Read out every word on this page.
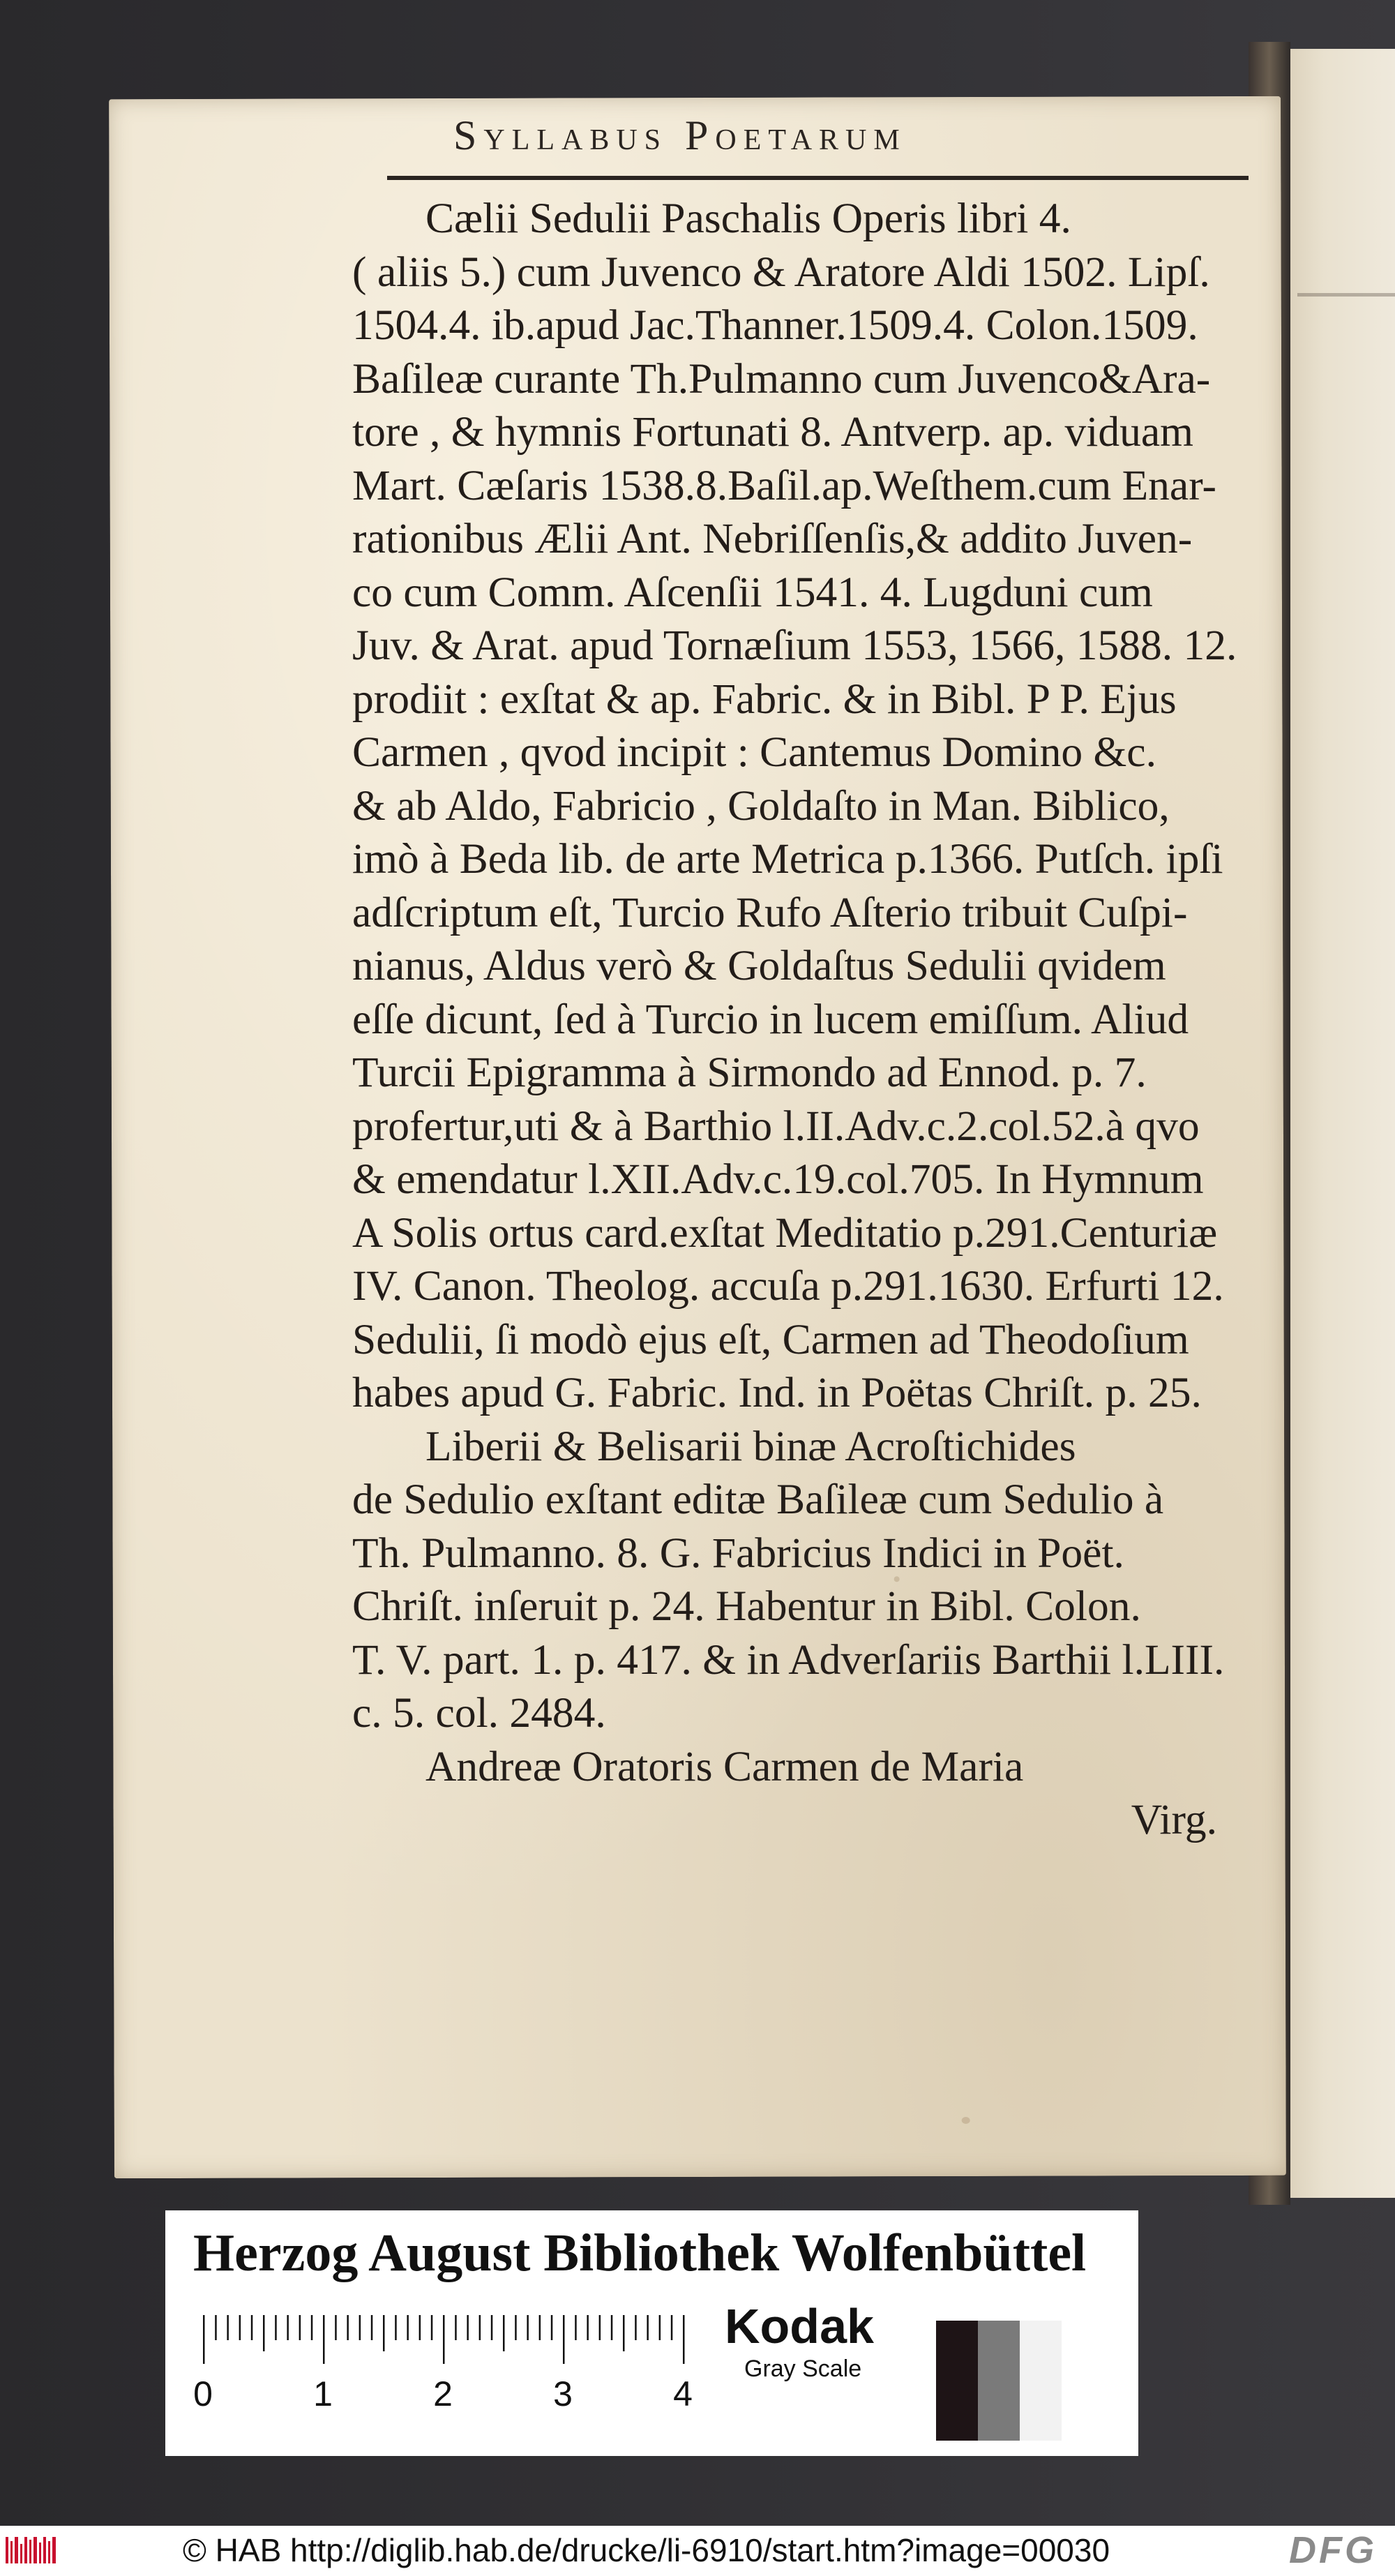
Syllabus Poetarum
Cælii Sedulii Paschalis Operis libri 4.
( aliis 5.) cum Juvenco & Aratore Aldi 1502. Lipſ.
1504.4. ib.apud Jac.Thanner.1509.4. Colon.1509.
Baſileæ curante Th.Pulmanno cum Juvenco&Ara-
tore , & hymnis Fortunati 8. Antverp. ap. viduam
Mart. Cæſaris 1538.8.Baſil.ap.Weſthem.cum Enar-
rationibus Ælii Ant. Nebriſſenſis,& addito Juven-
co cum Comm. Aſcenſii 1541. 4. Lugduni cum
Juv. & Arat. apud Tornæſium 1553, 1566, 1588. 12.
prodiit : exſtat & ap. Fabric. & in Bibl. P P. Ejus
Carmen , qvod incipit : Cantemus Domino &c.
& ab Aldo, Fabricio , Goldaſto in Man. Biblico,
imò à Beda lib. de arte Metrica p.1366. Putſch. ipſi
adſcriptum eſt, Turcio Rufo Aſterio tribuit Cuſpi-
nianus, Aldus verò & Goldaſtus Sedulii qvidem
eſſe dicunt, ſed à Turcio in lucem emiſſum. Aliud
Turcii Epigramma à Sirmondo ad Ennod. p. 7.
profertur,uti & à Barthio l.II.Adv.c.2.col.52.à qvo
& emendatur l.XII.Adv.c.19.col.705. In Hymnum
A Solis ortus card.exſtat Meditatio p.291.Centuriæ
IV. Canon. Theolog. accuſa p.291.1630. Erfurti 12.
Sedulii, ſi modò ejus eſt, Carmen ad Theodoſium
habes apud G. Fabric. Ind. in Poëtas Chriſt. p. 25.
Liberii & Belisarii binæ Acroſtichides
de Sedulio exſtant editæ Baſileæ cum Sedulio à
Th. Pulmanno. 8. G. Fabricius Indici in Poët.
Chriſt. inſeruit p. 24. Habentur in Bibl. Colon.
T. V. part. 1. p. 417. & in Adverſariis Barthii l.LIII.
c. 5. col. 2484.
Andreæ Oratoris Carmen de Maria
Virg.
Herzog August Bibliothek Wolfenbüttel
0	1	2	3	4
Kodak
Gray Scale
© HAB http://diglib.hab.de/drucke/li-6910/start.htm?image=00030	DFG
